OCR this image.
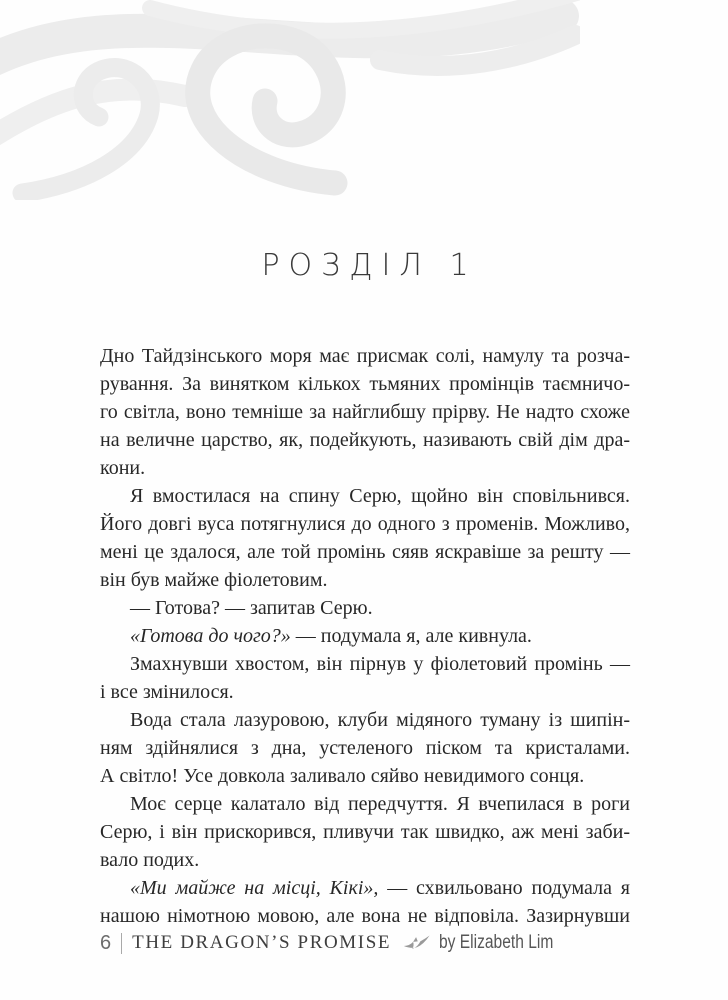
РОЗДІЛ 1
Дно Тайдзінського моря має присмак солі, намулу та розча-
рування. За винятком кількох тьмяних промінців таємничо-
го світла, воно темніше за найглибшу прірву. Не надто схоже
на величне царство, як, подейкують, називають свій дім дра-
кони.
Я вмостилася на спину Серю, щойно він сповільнився.
Його довгі вуса потягнулися до одного з променів. Можливо,
мені це здалося, але той промінь сяяв яскравіше за решту —
він був майже фіолетовим.
— Готова? — запитав Серю.
«Готова до чого?» — подумала я, але кивнула.
Змахнувши хвостом, він пірнув у фіолетовий промінь —
і все змінилося.
Вода стала лазуровою, клуби мідяного туману із шипін-
ням здійнялися з дна, устеленого піском та кристалами.
А світло! Усе довкола заливало сяйво невидимого сонця.
Моє серце калатало від передчуття. Я вчепилася в роги
Серю, і він прискорився, пливучи так швидко, аж мені заби-
вало подих.
«Ми майже на місці, Кікі», — схвильовано подумала я
нашою німотною мовою, але вона не відповіла. Зазирнувши
6 THE DRAGON’S PROMISE	by Elizabeth Lim
